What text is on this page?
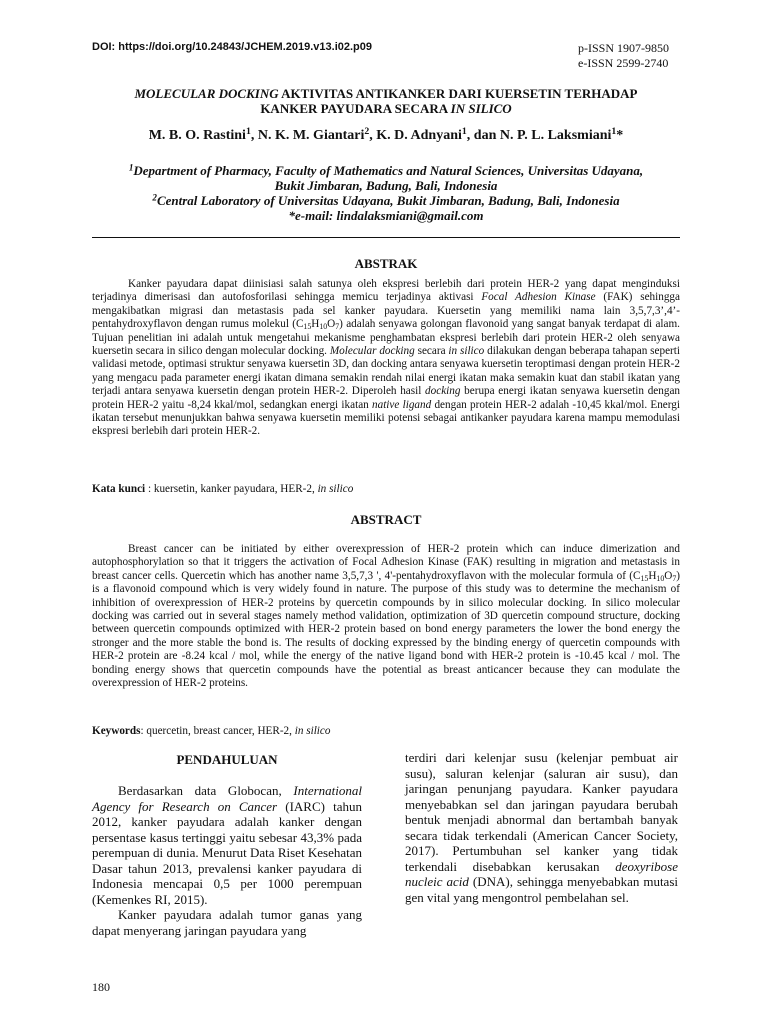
DOI: https://doi.org/10.24843/JCHEM.2019.v13.i02.p09	p-ISSN 1907-9850
e-ISSN 2599-2740
MOLECULAR DOCKING AKTIVITAS ANTIKANKER DARI KUERSETIN TERHADAP
KANKER PAYUDARA SECARA IN SILICO
M. B. O. Rastini$^1$, N. K. M. Giantari$^2$, K. D. Adnyani$^1$, dan N. P. L. Laksmiani$^1$*
$^1$Department of Pharmacy, Faculty of Mathematics and Natural Sciences, Universitas Udayana,
Bukit Jimbaran, Badung, Bali, Indonesia
$^2$Central Laboratory of Universitas Udayana, Bukit Jimbaran, Badung, Bali, Indonesia
*e-mail: lindalaksmiani@gmail.com
ABSTRAK
Kanker payudara dapat diinisiasi salah satunya oleh ekspresi berlebih dari protein HER-2 yang dapat menginduksi terjadinya dimerisasi dan autofosforilasi sehingga memicu terjadinya aktivasi Focal Adhesion Kinase (FAK) sehingga mengakibatkan migrasi dan metastasis pada sel kanker payudara. Kuersetin yang memiliki nama lain 3,5,7,3’,4’-pentahydroxyflavon dengan rumus molekul $(C_{15}H_{10}O_7)$ adalah senyawa golongan flavonoid yang sangat banyak terdapat di alam. Tujuan penelitian ini adalah untuk mengetahui mekanisme penghambatan ekspresi berlebih dari protein HER-2 oleh senyawa kuersetin secara in silico dengan molecular docking. Molecular docking secara in silico dilakukan dengan beberapa tahapan seperti validasi metode, optimasi struktur senyawa kuersetin 3D, dan docking antara senyawa kuersetin teroptimasi dengan protein HER-2 yang mengacu pada parameter energi ikatan dimana semakin rendah nilai energi ikatan maka semakin kuat dan stabil ikatan yang terjadi antara senyawa kuersetin dengan protein HER-2. Diperoleh hasil docking berupa energi ikatan senyawa kuersetin dengan protein HER-2 yaitu -8,24 kkal/mol, sedangkan energi ikatan native ligand dengan protein HER-2 adalah -10,45 kkal/mol. Energi ikatan tersebut menunjukkan bahwa senyawa kuersetin memiliki potensi sebagai antikanker payudara karena mampu memodulasi ekspresi berlebih dari protein HER-2.
Kata kunci : kuersetin, kanker payudara, HER-2, in silico
ABSTRACT
Breast cancer can be initiated by either overexpression of HER-2 protein which can induce dimerization and autophosphorylation so that it triggers the activation of Focal Adhesion Kinase (FAK) resulting in migration and metastasis in breast cancer cells. Quercetin which has another name 3,5,7,3 ', 4'-pentahydroxyflavon with the molecular formula of $(C_{15}H_{10}O_7)$ is a flavonoid compound which is very widely found in nature. The purpose of this study was to determine the mechanism of inhibition of overexpression of HER-2 proteins by quercetin compounds by in silico molecular docking. In silico molecular docking was carried out in several stages namely method validation, optimization of 3D quercetin compound structure, docking between quercetin compounds optimized with HER-2 protein based on bond energy parameters the lower the bond energy the stronger and the more stable the bond is. The results of docking expressed by the binding energy of quercetin compounds with HER-2 protein are -8.24 kcal / mol, while the energy of the native ligand bond with HER-2 protein is -10.45 kcal / mol. The bonding energy shows that quercetin compounds have the potential as breast anticancer because they can modulate the overexpression of HER-2 proteins.
Keywords: quercetin, breast cancer, HER-2, in silico
PENDAHULUAN
Berdasarkan data Globocan, International Agency for Research on Cancer (IARC) tahun 2012, kanker payudara adalah kanker dengan persentase kasus tertinggi yaitu sebesar 43,3% pada perempuan di dunia. Menurut Data Riset Kesehatan Dasar tahun 2013, prevalensi kanker payudara di Indonesia mencapai 0,5 per 1000 perempuan (Kemenkes RI, 2015).
Kanker payudara adalah tumor ganas yang dapat menyerang jaringan payudara yang
terdiri dari kelenjar susu (kelenjar pembuat air susu), saluran kelenjar (saluran air susu), dan jaringan penunjang payudara. Kanker payudara menyebabkan sel dan jaringan payudara berubah bentuk menjadi abnormal dan bertambah banyak secara tidak terkendali (American Cancer Society, 2017). Pertumbuhan sel kanker yang tidak terkendali disebabkan kerusakan deoxyribose nucleic acid (DNA), sehingga menyebabkan mutasi gen vital yang mengontrol pembelahan sel.
180
